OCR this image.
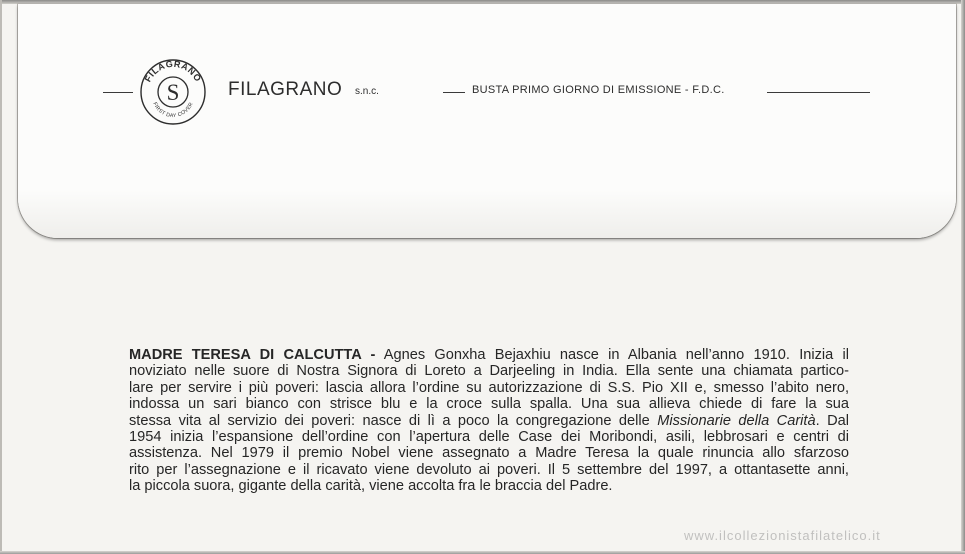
FILAGRANO
FIRST DAY COVER
S	FILAGRANO s.n.c.	BUSTA PRIMO GIORNO DI EMISSIONE - F.D.C.
MADRE TERESA DI CALCUTTA - Agnes Gonxha Bejaxhiu nasce in Albania nell’anno 1910. Inizia il
noviziato nelle suore di Nostra Signora di Loreto a Darjeeling in India. Ella sente una chiamata partico-
lare per servire i più poveri: lascia allora l’ordine su autorizzazione di S.S. Pio XII e, smesso l’abito nero,
indossa un sari bianco con strisce blu e la croce sulla spalla. Una sua allieva chiede di fare la sua
stessa vita al servizio dei poveri: nasce di lì a poco la congregazione delle Missionarie della Carità. Dal
1954 inizia l’espansione dell’ordine con l’apertura delle Case dei Moribondi, asili, lebbrosari e centri di
assistenza. Nel 1979 il premio Nobel viene assegnato a Madre Teresa la quale rinuncia allo sfarzoso
rito per l’assegnazione e il ricavato viene devoluto ai poveri. Il 5 settembre del 1997, a ottantasette anni,
la piccola suora, gigante della carità, viene accolta fra le braccia del Padre.
www.ilcollezionistafilatelico.it
